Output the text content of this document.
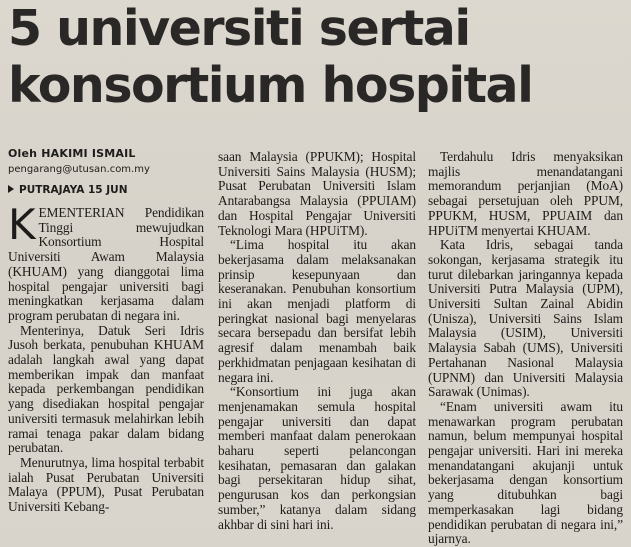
5 universiti sertai
konsortium hospital
Oleh HAKIMI ISMAIL
pengarang@utusan.com.my
PUTRAJAYA 15 JUN

KEMENTERIAN Pendidikan Tinggi mewujudkan Konsortium Hospital Universiti Awam Malaysia (KHUAM) yang dianggotai lima hospital pengajar universiti bagi meningkatkan kerjasama dalam program perubatan di negara ini.

Menterinya, Datuk Seri Idris Jusoh berkata, penubuhan KHUAM adalah langkah awal yang dapat memberikan impak dan manfaat kepada perkembangan pendidikan yang disediakan hospital pengajar universiti termasuk melahirkan lebih ramai tenaga pakar dalam bidang perubatan.

Menurutnya, lima hospital terbabit ialah Pusat Perubatan Universiti Malaya (PPUM), Pusat Perubatan Universiti Kebang-

saan Malaysia (PPUKM); Hospital Universiti Sains Malaysia (HUSM); Pusat Perubatan Universiti Islam Antarabangsa Malaysia (PPUIAM) dan Hospital Pengajar Universiti Teknologi Mara (HPUiTM).

“Lima hospital itu akan bekerjasama dalam melaksanakan prinsip kesepunyaan dan keseranakan. Penubuhan konsortium ini akan menjadi platform di peringkat nasional bagi menyelaras secara bersepadu dan bersifat lebih agresif dalam menambah baik perkhidmatan penjagaan kesihatan di negara ini.

“Konsortium ini juga akan menjenamakan semula hospital pengajar universiti dan dapat memberi manfaat dalam penerokaan baharu seperti pelancongan kesihatan, pemasaran dan galakan bagi persekitaran hidup sihat, pengurusan kos dan perkongsian sumber,” katanya dalam sidang akhbar di sini hari ini.

Terdahulu Idris menyaksikan majlis menandatangani memorandum perjanjian (MoA) sebagai persetujuan oleh PPUM, PPUKM, HUSM, PPUAIM dan HPUiTM menyertai KHUAM.

Kata Idris, sebagai tanda sokongan, kerjasama strategik itu turut dilebarkan jaringannya kepada Universiti Putra Malaysia (UPM), Universiti Sultan Zainal Abidin (Unisza), Universiti Sains Islam Malaysia (USIM), Universiti Malaysia Sabah (UMS), Universiti Pertahanan Nasional Malaysia (UPNM) dan Universiti Malaysia Sarawak (Unimas).

“Enam universiti awam itu menawarkan program perubatan namun, belum mempunyai hospital pengajar universiti. Hari ini mereka menandatangani akujanji untuk bekerjasama dengan konsortium yang ditubuhkan bagi memperkasakan lagi bidang pendidikan perubatan di negara ini,” ujarnya.
